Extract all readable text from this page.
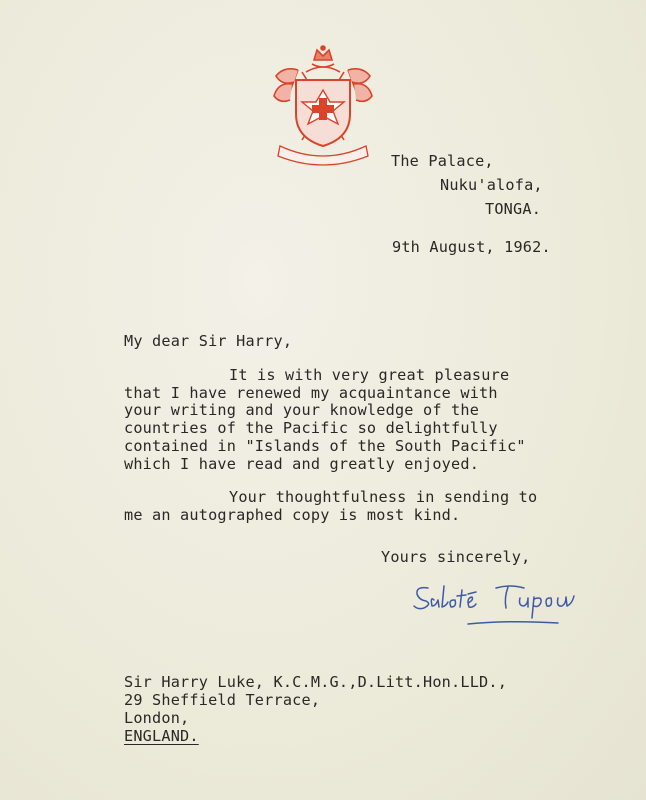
The Palace,
Nuku'alofa,
TONGA.
9th August, 1962.
My dear Sir Harry,
It is with very great pleasure
that I have renewed my acquaintance with
your writing and your knowledge of the
countries of the Pacific so delightfully
contained in "Islands of the South Pacific"
which I have read and greatly enjoyed.
Your thoughtfulness in sending to
me an autographed copy is most kind.
Yours sincerely,
Sir Harry Luke, K.C.M.G.,D.Litt.Hon.LLD.,
29 Sheffield Terrace,
London,
ENGLAND.
